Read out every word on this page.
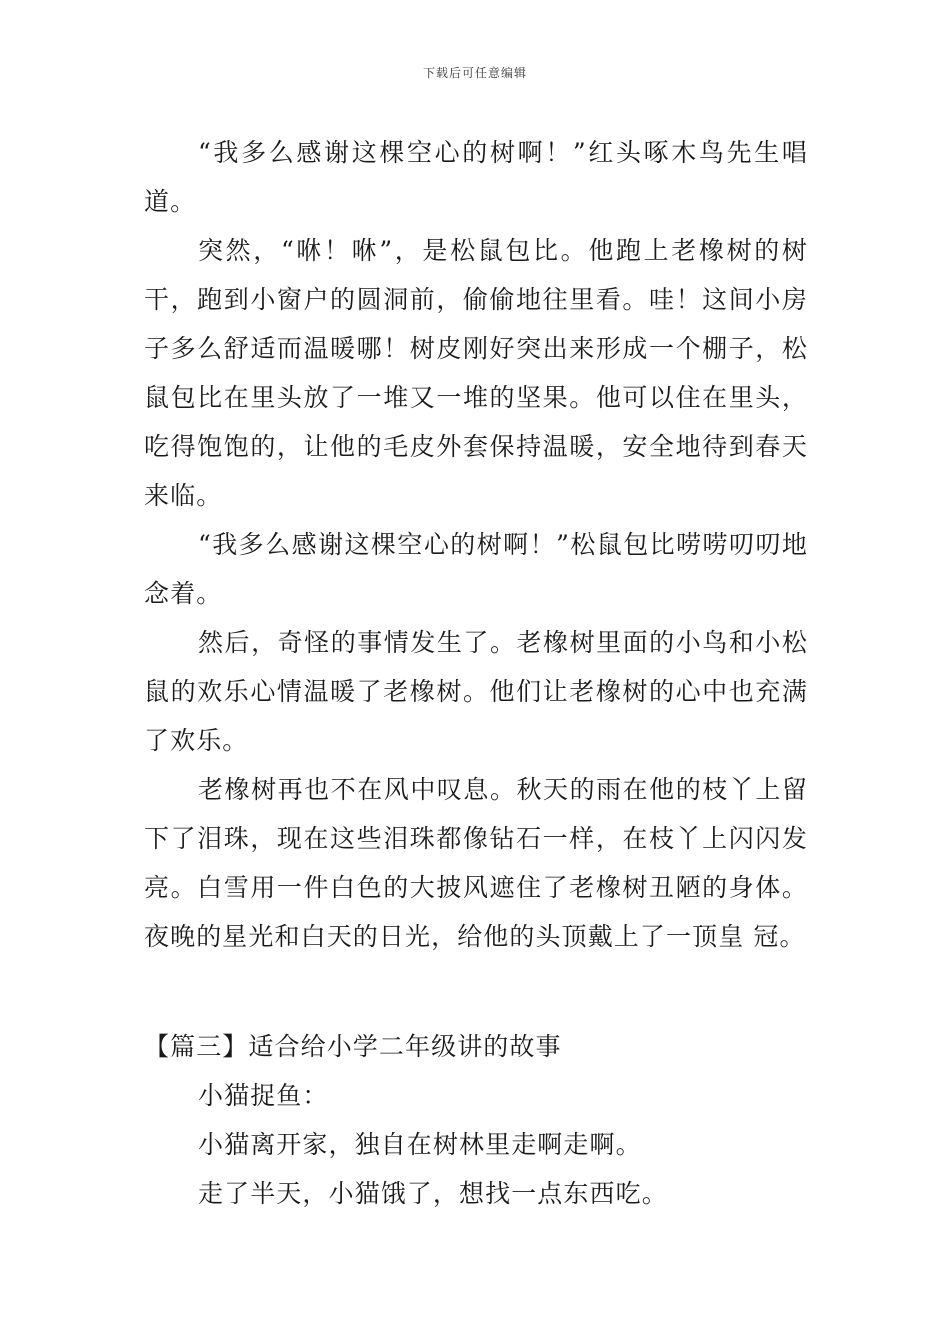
下载后可任意编辑

“我多么感谢这棵空心的树啊！”红头啄木鸟先生唱道。

突然，“咻！咻”，是松鼠包比。他跑上老橡树的树干，跑到小窗户的圆洞前，偷偷地往里看。哇！这间小房子多么舒适而温暖哪！树皮刚好突出来形成一个棚子，松鼠包比在里头放了一堆又一堆的坚果。他可以住在里头，吃得饱饱的，让他的毛皮外套保持温暖，安全地待到春天来临。

“我多么感谢这棵空心的树啊！”松鼠包比唠唠叨叨地念着。

然后，奇怪的事情发生了。老橡树里面的小鸟和小松鼠的欢乐心情温暖了老橡树。他们让老橡树的心中也充满了欢乐。

老橡树再也不在风中叹息。秋天的雨在他的枝丫上留下了泪珠，现在这些泪珠都像钻石一样，在枝丫上闪闪发亮。白雪用一件白色的大披风遮住了老橡树丑陋的身体。夜晚的星光和白天的日光，给他的头顶戴上了一顶皇 冠。

【篇三】适合给小学二年级讲的故事

小猫捉鱼：

小猫离开家，独自在树林里走啊走啊。

走了半天，小猫饿了，想找一点东西吃。
